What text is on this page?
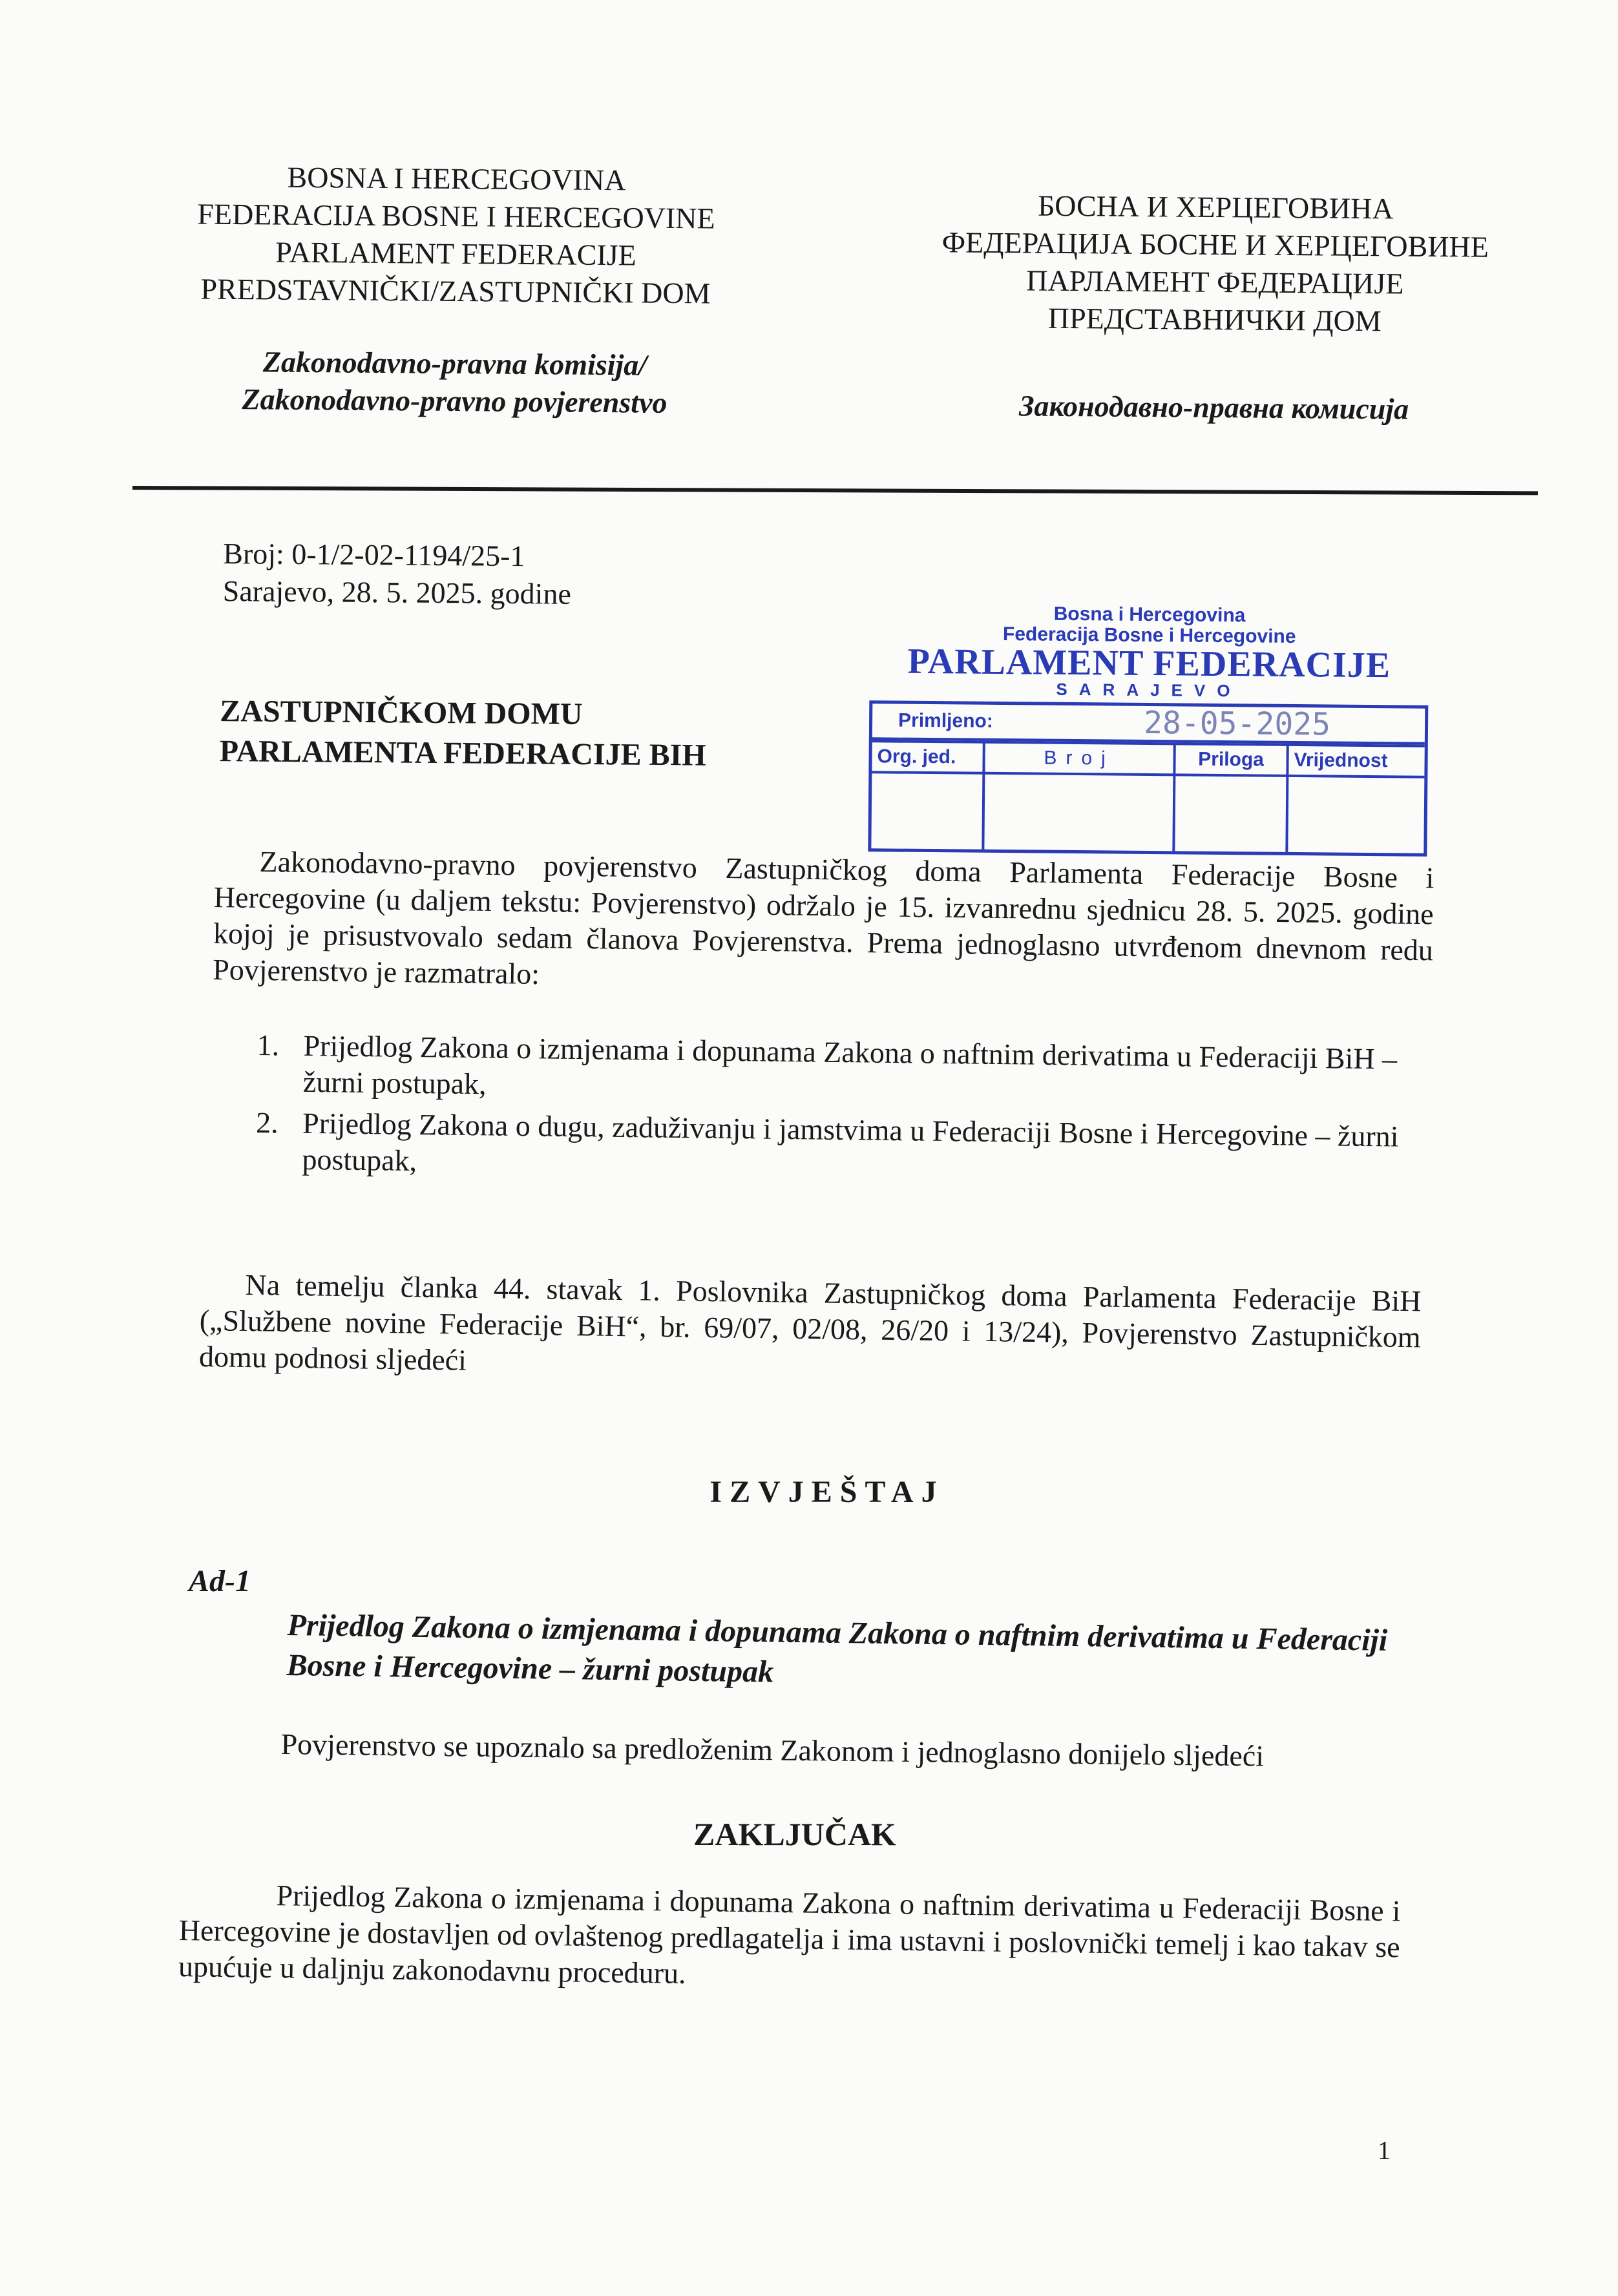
BOSNA I HERCEGOVINA
FEDERACIJA BOSNE I HERCEGOVINE
PARLAMENT FEDERACIJE
PREDSTAVNIČKI/ZASTUPNIČKI DOM
Zakonodavno-pravna komisija/
Zakonodavno-pravno povjerenstvo
БОСНА И ХЕРЦЕГОВИНА
ФЕДЕРАЦИЈА БОСНЕ И ХЕРЦЕГОВИНЕ
ПАРЛАМЕНТ ФЕДЕРАЦИЈЕ
ПРЕДСТАВНИЧКИ ДОМ
Законодавно-правна комисија
Broj: 0-1/2-02-1194/25-1
Sarajevo, 28. 5. 2025. godine
ZASTUPNIČKOM DOMU
PARLAMENTA FEDERACIJE BIH
Bosna i Hercegovina
Federacija Bosne i Hercegovine
PARLAMENT FEDERACIJE
SARAJEVO
Primljeno:	28-05-2025
Org. jed.	Broj	Priloga	Vrijednost

Zakonodavno-pravno povjerenstvo Zastupničkog doma Parlamenta Federacije Bosne i Hercegovine (u daljem tekstu: Povjerenstvo) održalo je 15. izvanrednu sjednicu 28. 5. 2025. godine kojoj je prisustvovalo sedam članova Povjerenstva. Prema jednoglasno utvrđenom dnevnom redu Povjerenstvo je razmatralo:
1. Prijedlog Zakona o izmjenama i dopunama Zakona o naftnim derivatima u Federaciji BiH – žurni postupak,
2. Prijedlog Zakona o dugu, zaduživanju i jamstvima u Federaciji Bosne i Hercegovine – žurni postupak,
Na temelju članka 44. stavak 1. Poslovnika Zastupničkog doma Parlamenta Federacije BiH („Službene novine Federacije BiH“, br. 69/07, 02/08, 26/20 i 13/24), Povjerenstvo Zastupničkom domu podnosi sljedeći
IZVJEŠTAJ
Ad-1
Prijedlog Zakona o izmjenama i dopunama Zakona o naftnim derivatima u Federaciji Bosne i Hercegovine – žurni postupak
Povjerenstvo se upoznalo sa predloženim Zakonom i jednoglasno donijelo sljedeći
ZAKLJUČAK
Prijedlog Zakona o izmjenama i dopunama Zakona o naftnim derivatima u Federaciji Bosne i Hercegovine je dostavljen od ovlaštenog predlagatelja i ima ustavni i poslovnički temelj i kao takav se upućuje u daljnju zakonodavnu proceduru.
1
